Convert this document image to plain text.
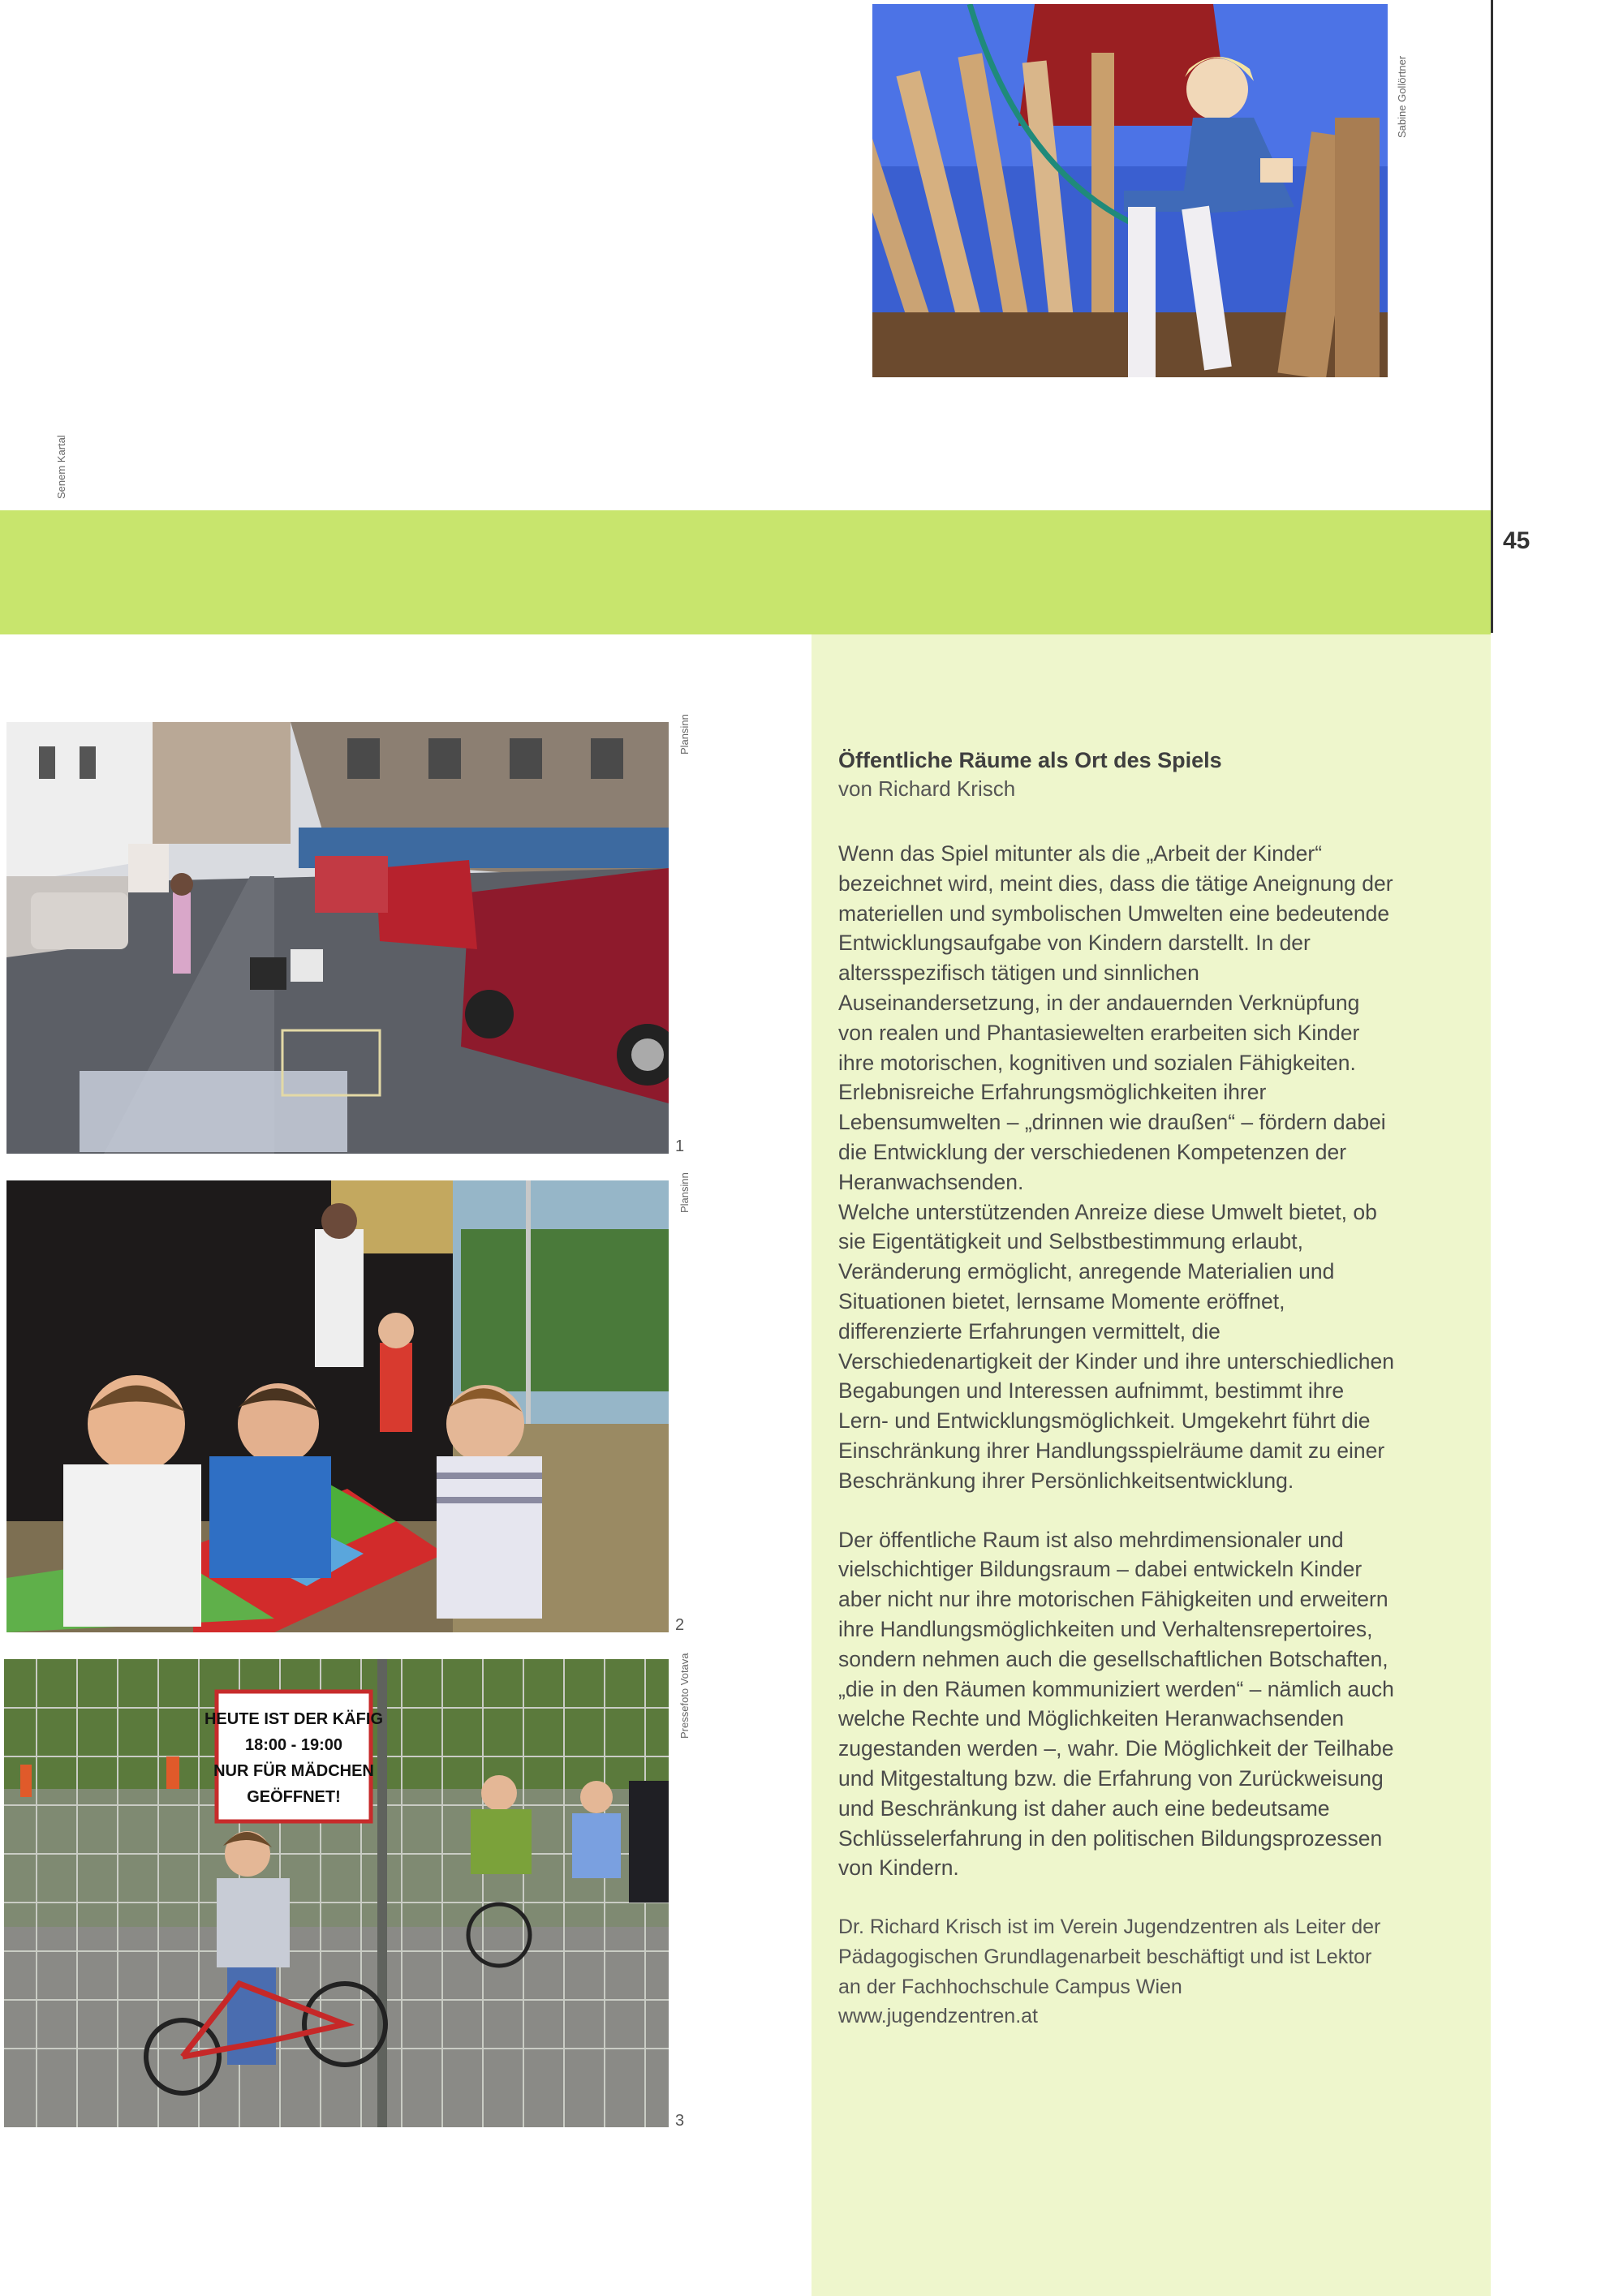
45
Sabine Gollörtner
Senem Kartal
Plansinn
1
Plansinn
2
HEUTE IST DER KÄFIG
18:00 - 19:00
NUR FÜR MÄDCHEN
GEÖFFNET!
Pressefoto Votava
3
Öffentliche Räume als Ort des Spiels
von Richard Krisch

Wenn das Spiel mitunter als die „Arbeit der Kinder“ bezeichnet wird, meint dies, dass die tätige Aneignung der materiellen und symbolischen Umwelten eine bedeutende Entwicklungsaufgabe von Kindern darstellt. In der altersspezifisch tätigen und sinnlichen Auseinandersetzung, in der andauernden Verknüpfung von realen und Phantasiewelten erarbeiten sich Kinder ihre motorischen, kognitiven und sozialen Fähigkeiten. Erlebnisreiche Erfahrungsmöglichkeiten ihrer Lebensumwelten – „drinnen wie draußen“ – fördern dabei die Entwicklung der verschiedenen Kompetenzen der Heranwachsenden.

Welche unterstützenden Anreize diese Umwelt bietet, ob sie Eigentätigkeit und Selbstbestimmung erlaubt, Veränderung ermöglicht, anregende Materialien und Situationen bietet, lernsame Momente eröffnet, differenzierte Erfahrungen vermittelt, die Verschiedenartigkeit der Kinder und ihre unterschiedlichen Begabungen und Interessen aufnimmt, bestimmt ihre Lern- und Entwicklungsmöglichkeit. Umgekehrt führt die Einschränkung ihrer Handlungsspielräume damit zu einer Beschränkung ihrer Persönlichkeitsentwicklung.

Der öffentliche Raum ist also mehrdimensionaler und vielschichtiger Bildungsraum – dabei entwickeln Kinder aber nicht nur ihre motorischen Fähigkeiten und erweitern ihre Handlungsmöglichkeiten und Verhaltensrepertoires, sondern nehmen auch die gesellschaftlichen Botschaften, „die in den Räumen kommuniziert werden“ – nämlich auch welche Rechte und Möglichkeiten Heranwachsenden zugestanden werden –, wahr. Die Möglichkeit der Teilhabe und Mitgestaltung bzw. die Erfahrung von Zurückweisung und Beschränkung ist daher auch eine bedeutsame Schlüsselerfahrung in den politischen Bildungsprozessen von Kindern.

Dr. Richard Krisch ist im Verein Jugendzentren als Leiter der Pädagogischen Grundlagenarbeit beschäftigt und ist Lektor an der Fachhochschule Campus Wien
www.jugendzentren.at
